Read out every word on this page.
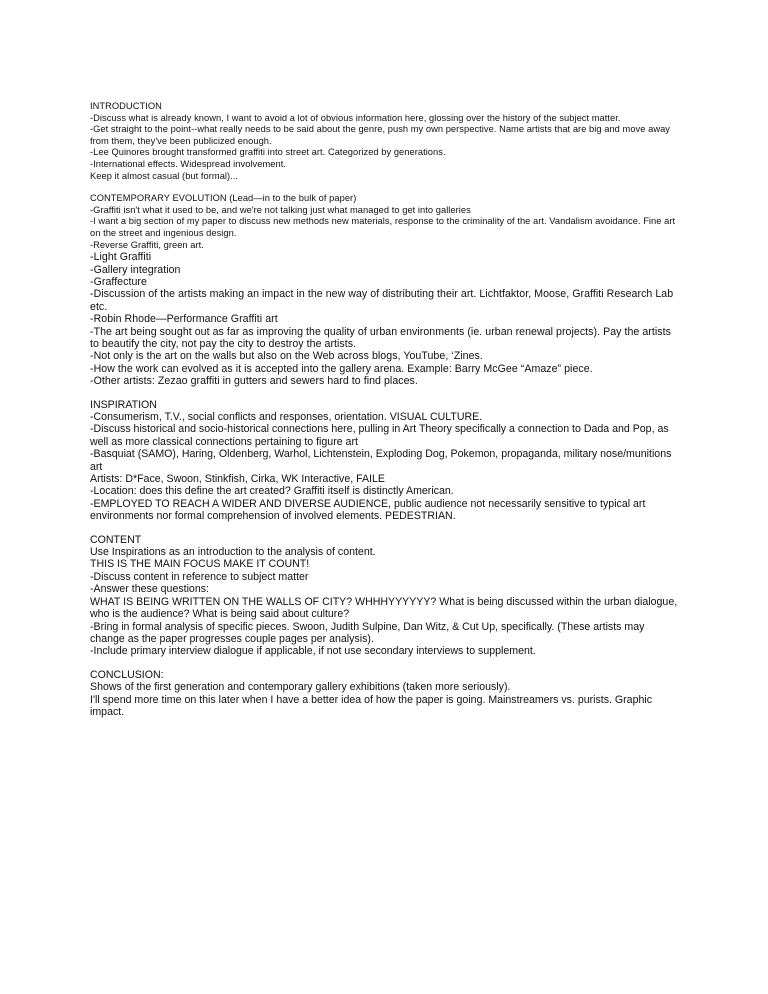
INTRODUCTION
-Discuss what is already known, I want to avoid a lot of obvious information here, glossing over the history of the subject matter.
-Get straight to the point--what really needs to be said about the genre, push my own perspective. Name artists that are big and move away from them, they've been publicized enough.
-Lee Quinores brought transformed graffiti into street art. Categorized by generations.
-International effects. Widespread involvement.
Keep it almost casual (but formal)...
CONTEMPORARY EVOLUTION (Lead—in to the bulk of paper)
-Graffiti isn't what it used to be, and we're not talking just what managed to get into galleries
-I want a big section of my paper to discuss new methods new materials, response to the criminality of the art. Vandalism avoidance. Fine art on the street and ingenious design.
-Reverse Graffiti, green art.
-Light Graffiti
-Gallery integration
-Graffecture
-Discussion of the artists making an impact in the new way of distributing their art. Lichtfaktor, Moose, Graffiti Research Lab etc.
-Robin Rhode—Performance Graffiti art
-The art being sought out as far as improving the quality of urban environments (ie. urban renewal projects). Pay the artists to beautify the city, not pay the city to destroy the artists.
-Not only is the art on the walls but also on the Web across blogs, YouTube, ‘Zines.
-How the work can evolved as it is accepted into the gallery arena. Example: Barry McGee “Amaze” piece.
-Other artists: Zezao graffiti in gutters and sewers hard to find places.
INSPIRATION
-Consumerism, T.V., social conflicts and responses, orientation. VISUAL CULTURE.
-Discuss historical and socio-historical connections here, pulling in Art Theory specifically a connection to Dada and Pop, as well as more classical connections pertaining to figure art
-Basquiat (SAMO), Haring, Oldenberg, Warhol, Lichtenstein, Exploding Dog, Pokemon, propaganda, military nose/munitions art
Artists: D*Face, Swoon, Stinkfish, Cirka, WK Interactive, FAILE
-Location: does this define the art created? Graffiti itself is distinctly American.
-EMPLOYED TO REACH A WIDER AND DIVERSE AUDIENCE, public audience not necessarily sensitive to typical art environments nor formal comprehension of involved elements. PEDESTRIAN.
CONTENT
Use Inspirations as an introduction to the analysis of content.
THIS IS THE MAIN FOCUS MAKE IT COUNT!
-Discuss content in reference to subject matter
-Answer these questions:
WHAT IS BEING WRITTEN ON THE WALLS OF CITY? WHHHYYYYYY? What is being discussed within the urban dialogue, who is the audience? What is being said about culture?
-Bring in formal analysis of specific pieces. Swoon, Judith Sulpine, Dan Witz, & Cut Up, specifically. (These artists may change as the paper progresses couple pages per analysis).
-Include primary interview dialogue if applicable, if not use secondary interviews to supplement.
CONCLUSION:
Shows of the first generation and contemporary gallery exhibitions (taken more seriously).
I'll spend more time on this later when I have a better idea of how the paper is going. Mainstreamers vs. purists. Graphic impact.
